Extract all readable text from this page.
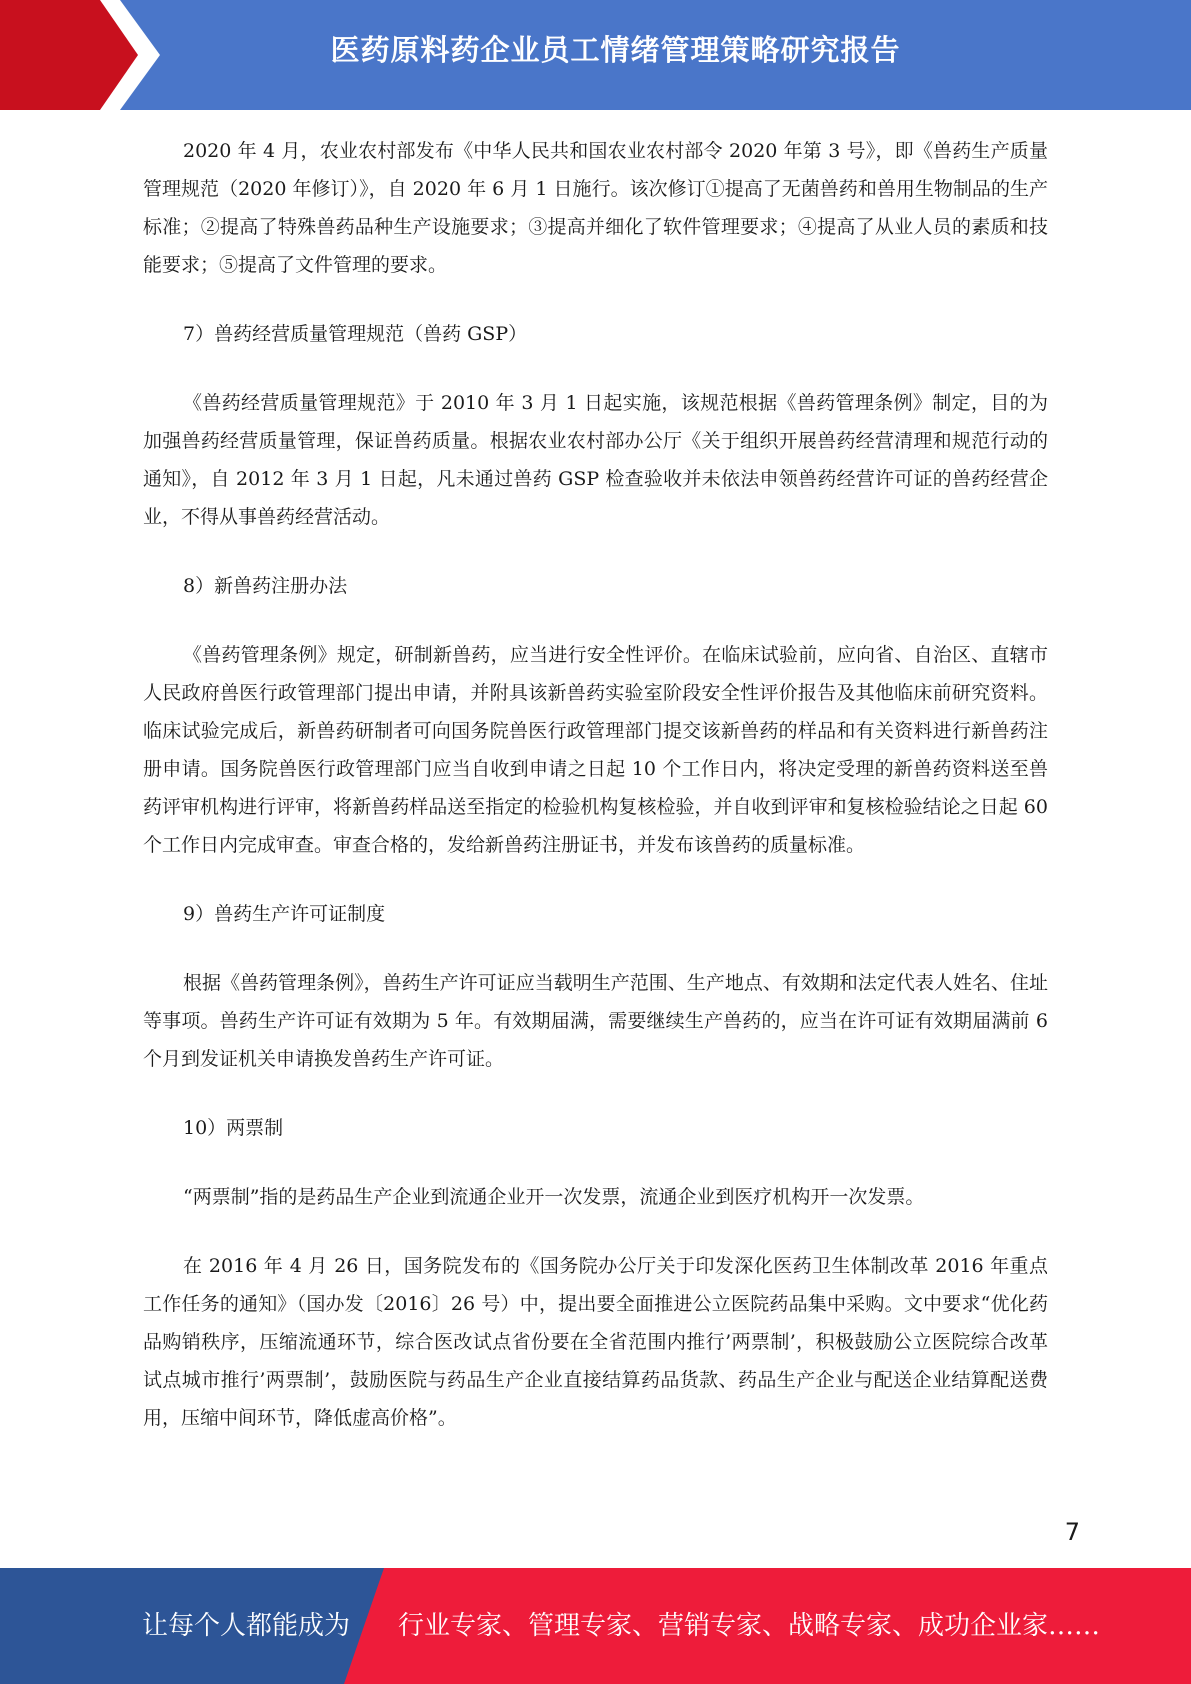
医药原料药企业员工情绪管理策略研究报告

2020 年 4 月，农业农村部发布《中华人民共和国农业农村部令 2020 年第 3 号》，即《兽药生产质量管理规范（2020 年修订）》，自 2020 年 6 月 1 日施行。该次修订①提高了无菌兽药和兽用生物制品的生产标准；②提高了特殊兽药品种生产设施要求；③提高并细化了软件管理要求；④提高了从业人员的素质和技能要求；⑤提高了文件管理的要求。

7）兽药经营质量管理规范（兽药 GSP）

《兽药经营质量管理规范》于 2010 年 3 月 1 日起实施，该规范根据《兽药管理条例》制定，目的为加强兽药经营质量管理，保证兽药质量。根据农业农村部办公厅《关于组织开展兽药经营清理和规范行动的通知》，自 2012 年 3 月 1 日起，凡未通过兽药 GSP 检查验收并未依法申领兽药经营许可证的兽药经营企业，不得从事兽药经营活动。

8）新兽药注册办法

《兽药管理条例》规定，研制新兽药，应当进行安全性评价。在临床试验前，应向省、自治区、直辖市人民政府兽医行政管理部门提出申请，并附具该新兽药实验室阶段安全性评价报告及其他临床前研究资料。临床试验完成后，新兽药研制者可向国务院兽医行政管理部门提交该新兽药的样品和有关资料进行新兽药注册申请。国务院兽医行政管理部门应当自收到申请之日起 10 个工作日内，将决定受理的新兽药资料送至兽药评审机构进行评审，将新兽药样品送至指定的检验机构复核检验，并自收到评审和复核检验结论之日起 60 个工作日内完成审查。审查合格的，发给新兽药注册证书，并发布该兽药的质量标准。

9）兽药生产许可证制度

根据《兽药管理条例》，兽药生产许可证应当载明生产范围、生产地点、有效期和法定代表人姓名、住址等事项。兽药生产许可证有效期为 5 年。有效期届满，需要继续生产兽药的，应当在许可证有效期届满前 6 个月到发证机关申请换发兽药生产许可证。

10）两票制

“两票制”指的是药品生产企业到流通企业开一次发票，流通企业到医疗机构开一次发票。

在 2016 年 4 月 26 日，国务院发布的《国务院办公厅关于印发深化医药卫生体制改革 2016 年重点工作任务的通知》（国办发〔2016〕26 号）中，提出要全面推进公立医院药品集中采购。文中要求“优化药品购销秩序，压缩流通环节，综合医改试点省份要在全省范围内推行’两票制’，积极鼓励公立医院综合改革试点城市推行’两票制’，鼓励医院与药品生产企业直接结算药品货款、药品生产企业与配送企业结算配送费用，压缩中间环节，降低虚高价格”。

7
让每个人都能成为 行业专家、管理专家、营销专家、战略专家、成功企业家……
